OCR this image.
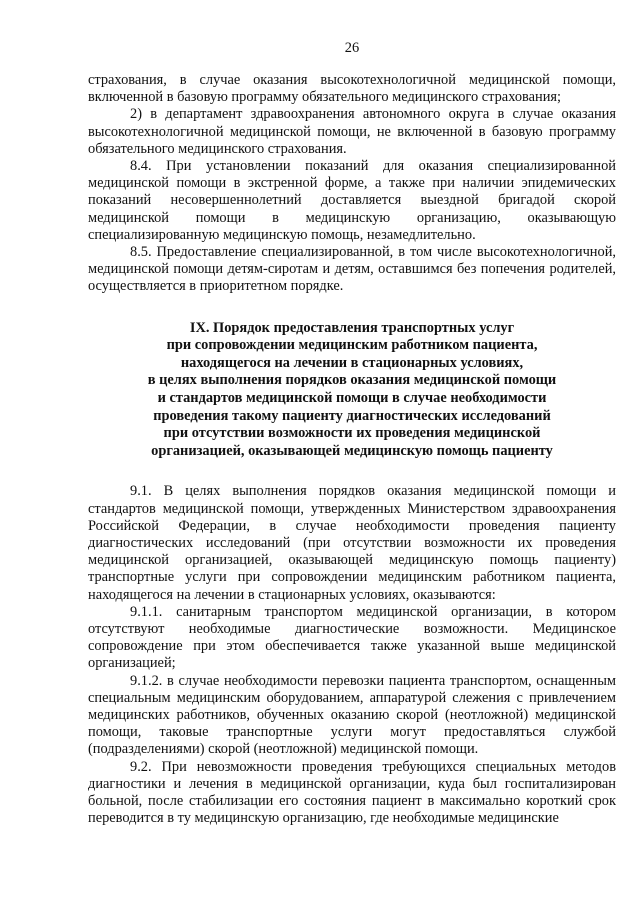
26

страхования, в случае оказания высокотехнологичной медицинской помощи, включенной в базовую программу обязательного медицинского страхования;

2) в департамент здравоохранения автономного округа в случае оказания высокотехнологичной медицинской помощи, не включенной в базовую программу обязательного медицинского страхования.

8.4. При установлении показаний для оказания специализированной медицинской помощи в экстренной форме, а также при наличии эпидемических показаний несовершеннолетний доставляется выездной бригадой скорой медицинской помощи в медицинскую организацию, оказывающую специализированную медицинскую помощь, незамедлительно.

8.5. Предоставление специализированной, в том числе высокотехнологичной, медицинской помощи детям-сиротам и детям, оставшимся без попечения родителей, осуществляется в приоритетном порядке.

IX. Порядок предоставления транспортных услуг
при сопровождении медицинским работником пациента,
находящегося на лечении в стационарных условиях,
в целях выполнения порядков оказания медицинской помощи
и стандартов медицинской помощи в случае необходимости
проведения такому пациенту диагностических исследований
при отсутствии возможности их проведения медицинской
организацией, оказывающей медицинскую помощь пациенту

9.1. В целях выполнения порядков оказания медицинской помощи и стандартов медицинской помощи, утвержденных Министерством здравоохранения Российской Федерации, в случае необходимости проведения пациенту диагностических исследований (при отсутствии возможности их проведения медицинской организацией, оказывающей медицинскую помощь пациенту) транспортные услуги при сопровождении медицинским работником пациента, находящегося на лечении в стационарных условиях, оказываются:

9.1.1. санитарным транспортом медицинской организации, в котором отсутствуют необходимые диагностические возможности. Медицинское сопровождение при этом обеспечивается также указанной выше медицинской организацией;

9.1.2. в случае необходимости перевозки пациента транспортом, оснащенным специальным медицинским оборудованием, аппаратурой слежения с привлечением медицинских работников, обученных оказанию скорой (неотложной) медицинской помощи, таковые транспортные услуги могут предоставляться службой (подразделениями) скорой (неотложной) медицинской помощи.

9.2. При невозможности проведения требующихся специальных методов диагностики и лечения в медицинской организации, куда был госпитализирован больной, после стабилизации его состояния пациент в максимально короткий срок переводится в ту медицинскую организацию, где необходимые медицинские
